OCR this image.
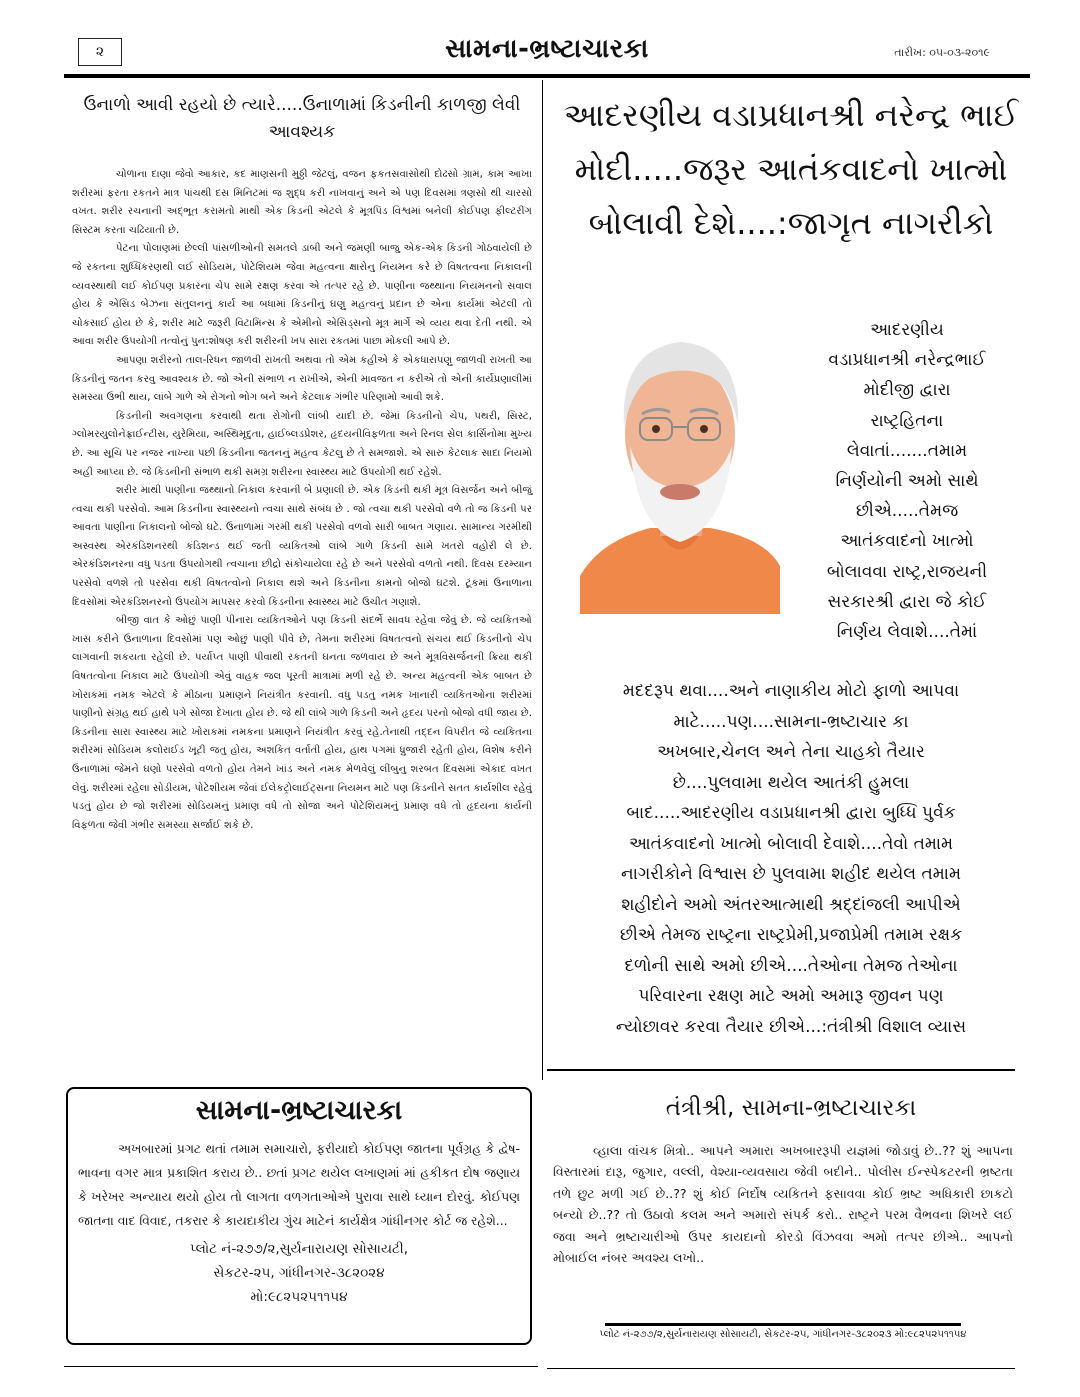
૨	સામના-ભ્રષ્ટાચારકા	તારીખ: ૦૫-૦૩-૨૦૧૯
ઉનાળો આવી રહયો છે ત્યારે.....ઉનાળામાં કિડનીની કાળજી લેવી આવશ્યક

ચોળાના દાણા જેવો આકાર, કદ માણસની મુઠ્ઠી જેટલું, વજન ફકતસવાસોથી દોઢસો ગ્રામ, કામ આખા શરીરમાં ફરતા રકતને માત્ર પાંચથી દસ મિનિટમાં જ શુદ્ધ કરી નાખવાનું અને એ પણ દિવસમાં ત્રણસો થી ચારસો વખત. શરીર રચનાની અદ્‌ભૂત કરામતો માથી એક કિડની એટલે કે મૂત્રપિંડ વિશ્વમાં બનેલી કોઈપણ ફીલ્ટરીંગ સિસ્ટમ કરતા ચઢિયાતી છે.

પેટના પોલાણમાં છેલ્લી પાંસળીઓની સમતલે ડાબી અને જમણી બાજુ એક-એક કિડની ગોઠવાયેલી છે જે રકતના શુધ્ધિકરણથી લઈ સોડિયમ, પોટેશિયમ જેવા મહત્વના ક્ષારોનુ નિયમન કરે છે વિષતત્વના નિકાલની વ્યવસ્થાથી લઈ કોઈપણ પ્રકારના ચેપ સામે રક્ષણ કરવા એ તત્પર રહે છે. પાણીના જથ્થાના નિયમનનો સવાલ હોય કે એસિડ બેઝના સંતુલનનું કાર્ય આ બધામાં કિડનીનું ઘણુ મહત્વનું પ્રદાન છે એના કાર્યમાં એટલી તો ચોકસાઈ હોય છે કે, શરીર માટે જરૂરી વિટામિન્સ કે એમીનો એસિડ્‌સનો મૂત્ર માર્ગે એ વ્યય થવા દેતી નથી. એ આવા શરીર ઉપયોગી તત્વોનું પુન:શોષણ કરી શરીરની ખપ સારા રકતમાં પાછા મોકલી આપે છે.

આપણા શરીરનો તાલ-રિધન જાળવી રાખતી અથવા તો એમ કહીએ કે એકધારાપણુ જાળવી રાખતી આ કિડનીનું જતન કરવુ આવશ્યક છે. જો એની સંભાળ ન રાખીએ, એની માવજત ન કરીએ તો એની કાર્યપ્રણાલીમાં સમસ્યા ઉભી થાય, લાંબે ગાળે એ રોગનો ભોગ બને અને કેટલાક ગંભીર પરિણામો આવી શકે.

કિડનીની અવગણના કરવાથી થતા રોગોની લાંબી યાદી છે. જેમાં કિડનીનો ચેપ, પથરી, સિસ્ટ, ગ્લોમરયુલોનેફ્રાઈન્ટીસ, યુરેમિયા, અસ્થિમૃદુતા, હાઈબ્લડપ્રેશર, હૃદયનીવિફળતા અને રિનલ સેલ કાર્સિનોમા મુખ્ય છે. આ સૂચિ પર નજર નાખ્યા પછી કિડનીના જતનનું મહત્વ કેટલુ છે તે સમજાશે. એ સારું કેટલાક સાદા નિયમો અહી આપ્યા છે. જે કિડનીની સંભાળ થકી સમગ્ર શરીરના સ્વાસ્થ્ય માટે ઉપયોગી થઈ રહેશે.

શરીર માથી પાણીના જથ્થાનો નિકાલ કરવાની બે પ્રણાલી છે. એક કિડની થકી મૂત્ર વિસર્જન અને બીજું ત્વચા થકી પરસેવો. આમ કિડનીના સ્વાસ્થ્યનો ત્વચા સાથે સંબંધ છે . જો ત્વચા થકી પરસેવો વળે તો જ કિડની પર આવતા પાણીના નિકાલનો બોજો ઘટે. ઉનાળામાં ગરમી થકી પરસેવો વળવો સારી બાબત ગણાય. સામાન્ય ગરમીથી અસ્વસ્થ એરકંડિશનરથી કંડિશન્ડ થઈ જતી વ્યકિતઓ લાંબે ગાળે કિડની સામે ખતરો વહોરી લે છે. એરકંડિશનરના વધુ પડતા ઉપયોગથી ત્વચાના છીદ્રો સંકોચાયેલા રહે છે અને પરસેવો વળતો નથી. દિવસ દરમ્યાન પરસેવો વળશે તો પરસેવા થકી વિષતત્વોનો નિકાલ થશે અને કિડનીના કામનો બોજો ઘટશે. ટૂંકમાં ઉનાળાના દિવસોમાં એરકંડિશનરનો ઉપયોગ માપસર કરવો કિડનીના સ્વાસ્થ્ય માટે ઉચીત ગણાશે.

બીજી વાત કે ઓછું પાણી પીનારા વ્યકિતઓને પણ કિડની સંદર્ભે સાવધ રહેવા જેવું છે. જે વ્યકિતઓ ખાસ કરીને ઉનાળાના દિવસોમાં પણ ઓછું પાણી પીવે છે, તેમના શરીરમાં વિષતત્વનો સંચય થઈ કિડનીનો ચેપ લાગવાની શકયતા રહેલી છે. પર્યાપ્ત પાણી પીવાથી રકતની ઘનતા જળવાય છે અને મૂત્રવિસર્જનની ક્રિયા થકી વિષતત્વોના નિકાલ માટે ઉપયોગી એવું વાહક જલ પૂરતી માત્રામાં મળી રહે છે. અન્ય મહત્વની એક બાબત છે ખોરાકમાં નમક એટલે કે મીઠાના પ્રમાણને નિયંત્રીત કરવાની. વધુ પડતુ નમક ખાનારી વ્યકિતઓના શરીરમાં પાણીનો સંગ્રહ થઈ હાથે પગે સોજા દેખાતા હોય છે. જે થી લાંબે ગાળે કિડની અને હૃદય પરનો બોજો વધી જાય છે. કિડનીના સારા સ્વાસ્થ્ય માટે ખોરાકમાં નમકના પ્રમાણને નિયંત્રીત કરવું રહે.તેનાથી તદ્દન વિપરીત જે વ્યકિતના શરીરમાં સોડિયમ કલોરાઈડ ખૂટી જતુ હોય, અશકિત વર્તાતી હોય, હાથ પગમાં ધ્રુજારી રહેતી હોય, વિશેષ કરીને ઉનાળામાં જેમને ઘણો પરસેવો વળતો હોય તેમને ખાંડ અને નમક મેળવેલું લીંબુનુ શરબત દિવસમાં એકાદ વખત લેવું. શરીરમાં રહેલા સોડીયમ, પોટેશીયમ જેવાં ઈલેકટ્રોલાઈટ્‌સના નિયમન માટે પણ કિડનીને સતત કાર્યશીલ રહેવું પડતું હોય છે જો શરીરમાં સોડિયમનું પ્રમાણ વધે તો સોજા અને પોટેશિયમનું પ્રમાણ વધે તો હૃદયના કાર્યની વિફળતા જેવી ગંભીર સમસ્યા સર્જાઈ શકે છે.

સામના-ભ્રષ્ટાચારકા

અખબારમાં પ્રગટ થતાં તમામ સમાચારો, ફરીયાદો કોઈપણ જાતના પૂર્વગ્રહ કે દ્વેષ-ભાવના વગર માત્ર પ્રકાશિત કરાય છે.. છતાં પ્રગટ થયેલ લખાણમાં માં હકીકત દોષ જણાય કે ખરેખર અન્યાય થયો હોય તો લાગતા વળગતાઓએ પુરાવા સાથે ધ્યાન દોરવું. કોઈપણ જાતના વાદ વિવાદ, તકરાર કે કાયદાકીય ગુંચ માટેનં કાર્યક્ષેત્ર ગાંધીનગર કોર્ટ જ રહેશે...

પ્લોટ નં-૨૭૭/૨,સુર્યનારાયણ સોસાયટી,
સેકટર-૨૫, ગાંધીનગર-૩૮૨૦૨૪
મો:૯૮૨૫૨૫૧૧૫૪
આદરણીય વડાપ્રધાનશ્રી નરેન્દ્ર ભાઈ મોદી.....જરૂર આતંકવાદનો ખાત્મો બોલાવી દેશે....:જાગૃત નાગરીકો
આદરણીય
વડાપ્રધાનશ્રી નરેન્દ્રભાઈ
મોદીજી દ્વારા
રાષ્ટ્રહિતના
લેવાતાં.......તમામ
નિર્ણયોની અમો સાથે
છીએ.....તેમજ
આતંકવાદનો ખાત્મો
બોલાવવા રાષ્ટ્ર,રાજયની
સરકારશ્રી દ્વારા જે કોઈ
નિર્ણય લેવાશે....તેમાં
મદદરૂપ થવા....અને નાણાકીય મોટો ફાળો આપવા
માટે.....પણ....સામના-ભ્રષ્ટાચાર કા
અખબાર,ચેનલ અને તેના ચાહકો તૈયાર
છે....પુલવામા થયેલ આતંકી હુમલા
બાદ.....આદરણીય વડાપ્રધાનશ્રી દ્વારા બુધ્ધિ પુર્વક
આતંકવાદનો ખાત્મો બોલાવી દેવાશે....તેવો તમામ
નાગરીકોને વિશ્વાસ છે પુલવામા શહીદ થયેલ તમામ
શહીદોને અમો અંતરઆત્માથી શ્રદ્દાંજલી આપીએ
છીએ તેમજ રાષ્ટ્રના રાષ્ટ્રપ્રેમી,પ્રજાપ્રેમી તમામ રક્ષક
દળોની સાથે અમો છીએ....તેઓના તેમજ તેઓના
પરિવારના રક્ષણ માટે અમો અમારૂ જીવન પણ
ન્યોછાવર કરવા તૈયાર છીએ...:તંત્રીશ્રી વિશાલ વ્યાસ
તંત્રીશ્રી, સામના-ભ્રષ્ટાચારકા

વ્હાલા વાંચક મિત્રો.. આપને અમારા અખબારરૂપી યજ્ઞમાં જોડાવું છે..?? શું આપના વિસ્તારમાં દારૂ, જુગાર, વલ્લી, વેશ્યા-વ્યવસાય જેવી બદીને.. પોલીસ ઈન્સ્પેકટરની ભ્રષ્ટતા તળે છુટ મળી ગઈ છે..?? શું કોઈ નિર્દોષ વ્યકિતને ફસાવવા કોઈ ભ્રષ્ટ અધિકારી છાકટો બન્યો છે..?? તો ઉઠાવો કલમ અને અમારો સંપર્ક કરો.. રાષ્ટ્રને પરમ વૈભવના શિખરે લઈ જવા અને ભ્રષ્ટાચારીઓ ઉપર કાયદાનો કોરડો વિંઝવવા અમો તત્પર છીએ.. આપનો મોબાઈલ નંબર અવશ્ય લખો..

પ્લોટ નં-૨૭૭/૨,સુર્યનારાયણ સોસાયટી, સેકટર-૨૫, ગાંધીનગર-૩૮૨૦૨૩ મો:૯૮૨૫૨૫૧૧૫૪
